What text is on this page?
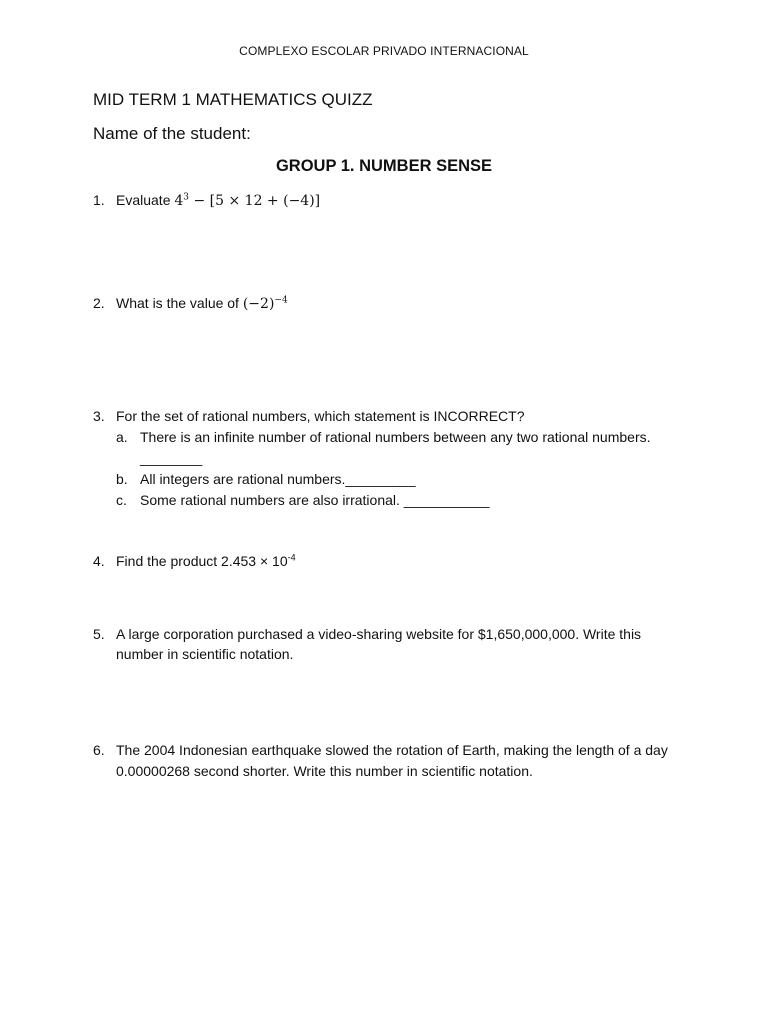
COMPLEXO ESCOLAR PRIVADO INTERNACIONAL
MID TERM 1 MATHEMATICS QUIZZ
Name of the student:
GROUP 1. NUMBER SENSE
1. Evaluate $4^3 - [5 \times 12 + (-4)]$
2. What is the value of $(-2)^{-4}$
3. For the set of rational numbers, which statement is INCORRECT?
a. There is an infinite number of rational numbers between any two rational numbers. ________
b. All integers are rational numbers._________
c. Some rational numbers are also irrational. ___________
4. Find the product $2.453 \times 10^{-4}$
5. A large corporation purchased a video-sharing website for $1,650,000,000. Write this number in scientific notation.
6. The 2004 Indonesian earthquake slowed the rotation of Earth, making the length of a day 0.00000268 second shorter. Write this number in scientific notation.
